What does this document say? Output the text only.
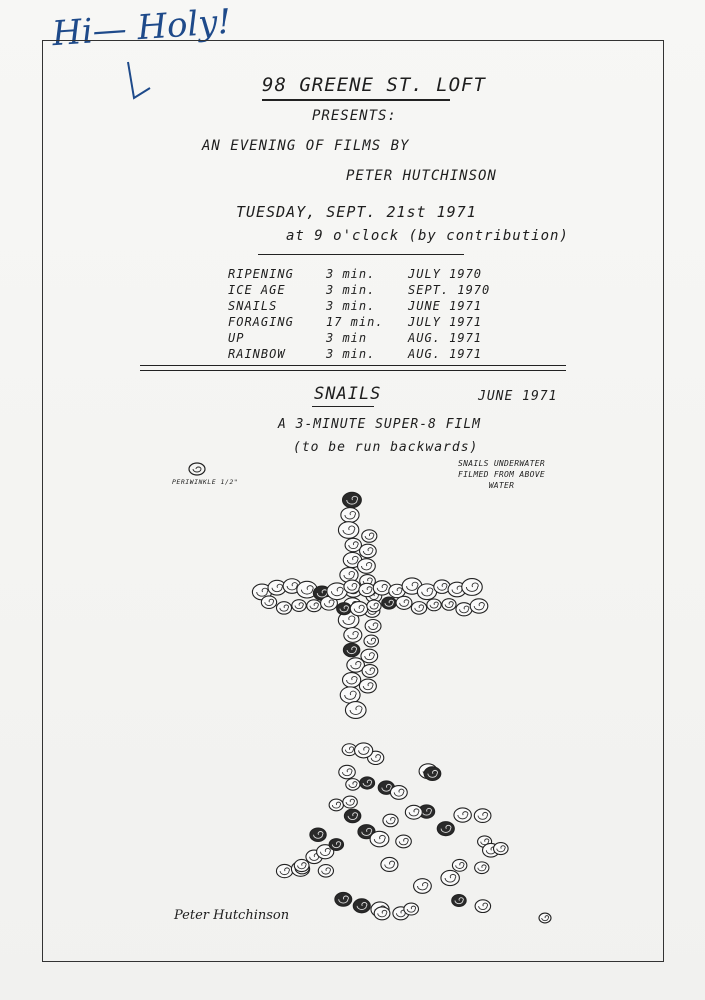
Hi— Holy!
98 GREENE ST. LOFT
PRESENTS:
AN EVENING OF FILMS BY
PETER HUTCHINSON
TUESDAY, SEPT. 21st 1971
at 9 o'clock (by contribution)
RIPENING
ICE AGE
SNAILS
FORAGING
UP
RAINBOW
3 min.
3 min.
3 min.
17 min.
3 min
3 min.
JULY 1970
SEPT. 1970
JUNE 1971
JULY 1971
AUG. 1971
AUG. 1971
SNAILS	JUNE 1971
A 3-MINUTE SUPER-8 FILM
(to be run backwards)
PERIWINKLE 1/2"
SNAILS UNDERWATER
FILMED FROM ABOVE
WATER
Peter Hutchinson
